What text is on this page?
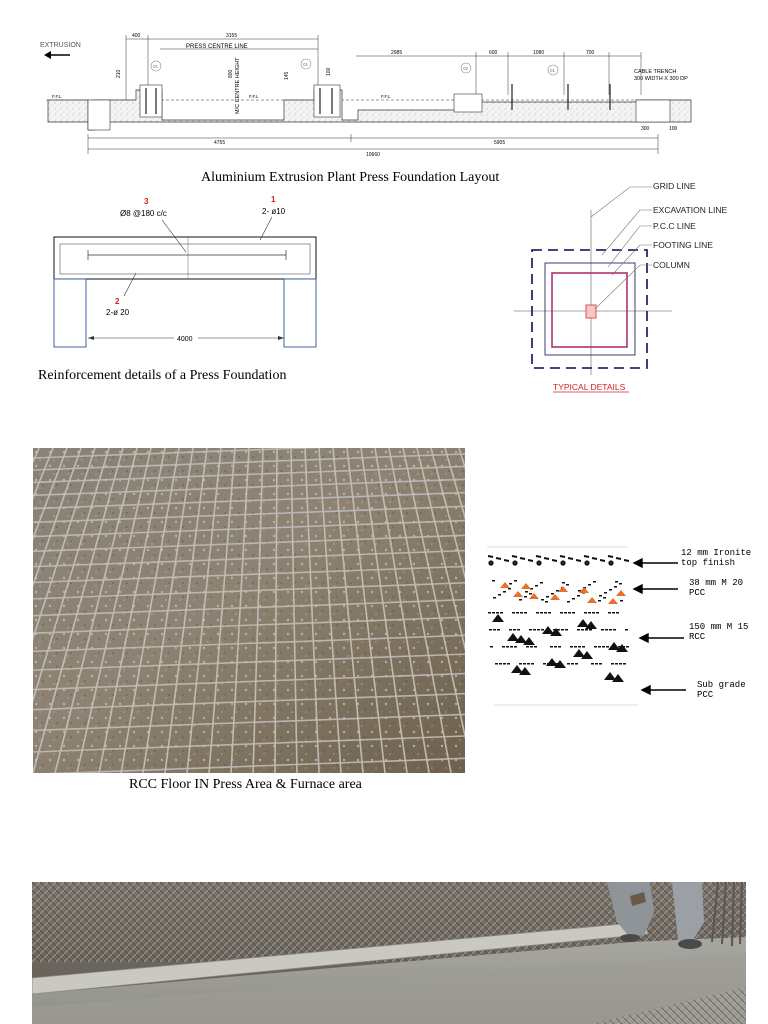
EXTRUSION
400	3155
PRESS CENTRE LINE
2985	600	1080	700
M/C CENTRE HEIGHT
210	800	100
145
F.F.L	F.F.L	F.F.L
01	01
02	01	CABLE TRENCH
300 WIDTH X 300 DP
4755	5905
10660
300	100
Aluminium Extrusion Plant Press Foundation Layout
3
Ø8 @180 c/c
1
2- ø10
2
2-ø 20
4000
Reinforcement details of a Press Foundation
GRID LINE
EXCAVATION LINE
P.C.C LINE
FOOTING LINE
COLUMN
TYPICAL DETAILS
12 mm Ironite
top finish
38 mm M 20
PCC
150 mm M 15
RCC
Sub grade
PCC
RCC Floor IN Press Area & Furnace area
